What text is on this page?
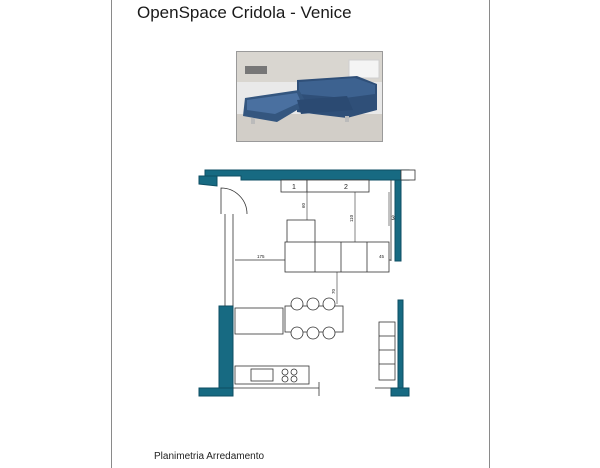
OpenSpace Cridola - Venice
1	2
3
60
110
175	45
70
Planimetria Arredamento
